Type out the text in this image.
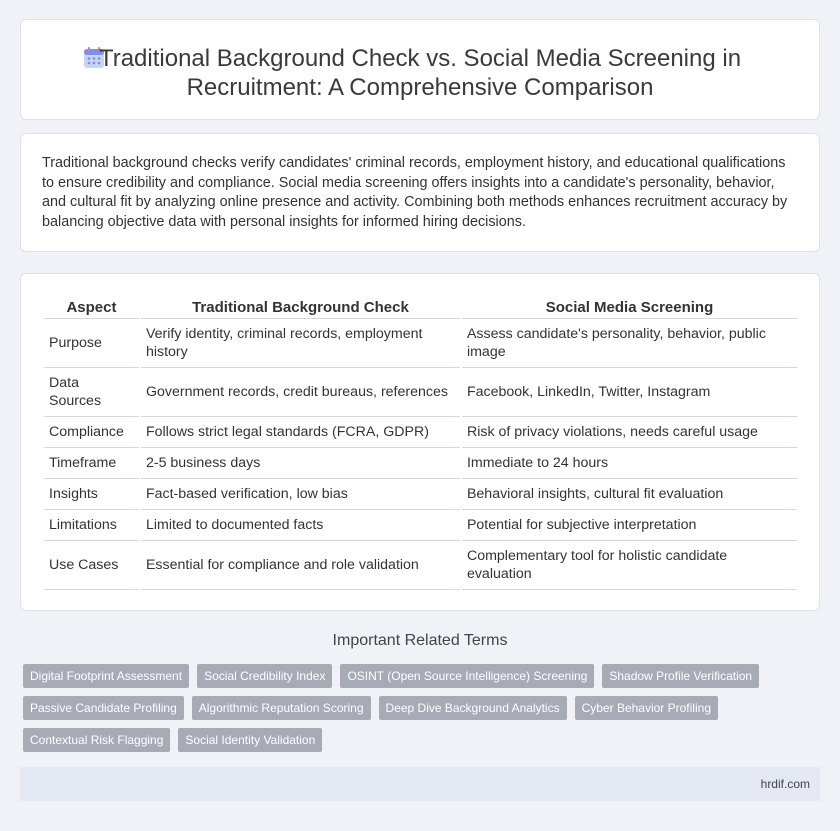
Traditional Background Check vs. Social Media Screening in
Recruitment: A Comprehensive Comparison

Traditional background checks verify candidates' criminal records, employment history, and educational qualifications to ensure credibility and compliance. Social media screening offers insights into a candidate's personality, behavior, and cultural fit by analyzing online presence and activity. Combining both methods enhances recruitment accuracy by balancing objective data with personal insights for informed hiring decisions.

Aspect	Traditional Background Check	Social Media Screening
Purpose	Verify identity, criminal records, employment history	Assess candidate's personality, behavior, public image
Data Sources	Government records, credit bureaus, references	Facebook, LinkedIn, Twitter, Instagram
Compliance	Follows strict legal standards (FCRA, GDPR)	Risk of privacy violations, needs careful usage
Timeframe	2-5 business days	Immediate to 24 hours
Insights	Fact-based verification, low bias	Behavioral insights, cultural fit evaluation
Limitations	Limited to documented facts	Potential for subjective interpretation
Use Cases	Essential for compliance and role validation	Complementary tool for holistic candidate evaluation
Important Related Terms
Digital Footprint Assessment	Social Credibility Index	OSINT (Open Source Intelligence) Screening	Shadow Profile Verification
Passive Candidate Profiling	Algorithmic Reputation Scoring	Deep Dive Background Analytics	Cyber Behavior Profiling
Contextual Risk Flagging	Social Identity Validation
hrdif.com
